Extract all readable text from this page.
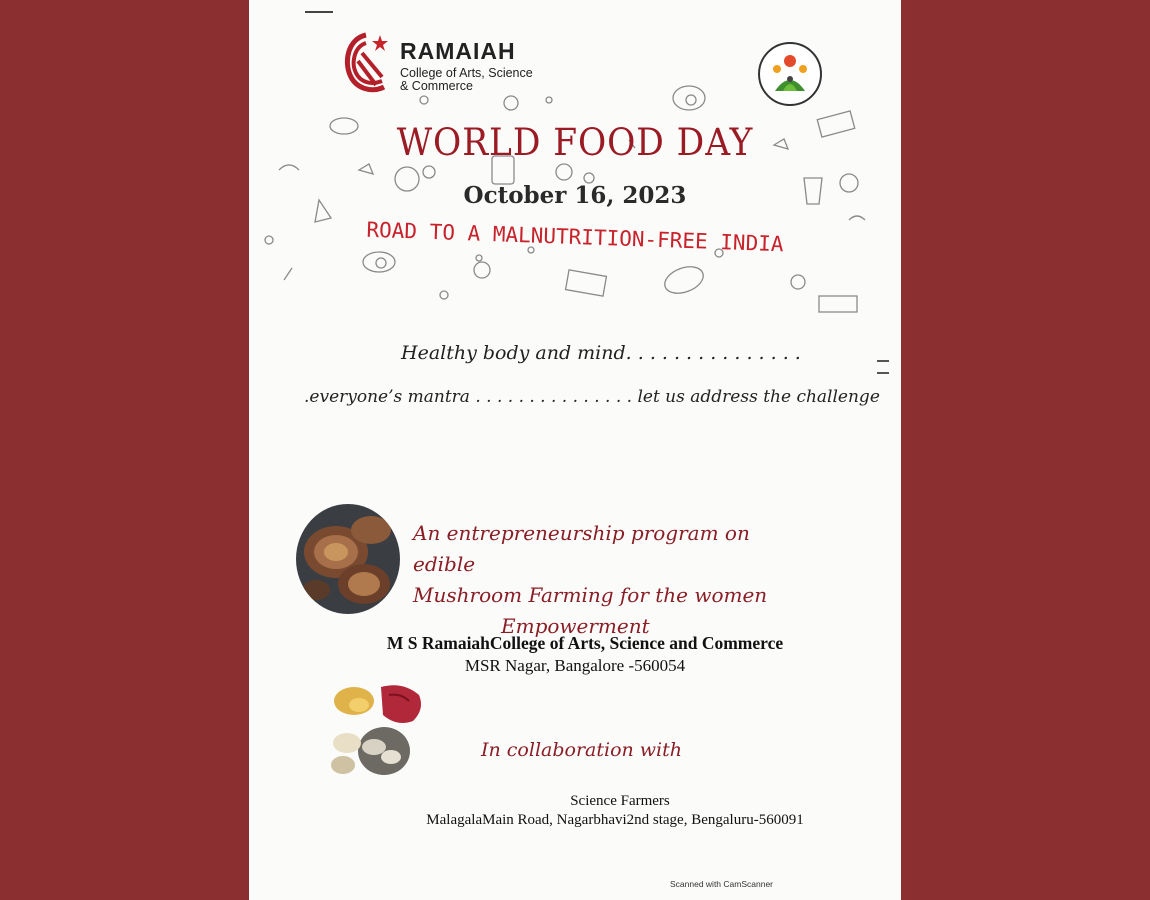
RAMAIAH
College of Arts, Science
& Commerce
WORLD FOOD DAY
October 16, 2023
ROAD TO A MALNUTRITION-FREE INDIA
Healthy body and mind. . . . . . . . . . . . . . .
.everyone’s mantra . . . . . . . . . . . . . . . let us address the challenge
An entrepreneurship program on edible
Mushroom Farming for the women
Empowerment
M S RamaiahCollege of Arts, Science and Commerce
MSR Nagar, Bangalore -560054
In collaboration with
Science Farmers
MalagalaMain Road, Nagarbhavi2nd stage, Bengaluru-560091
Scanned with CamScanner
